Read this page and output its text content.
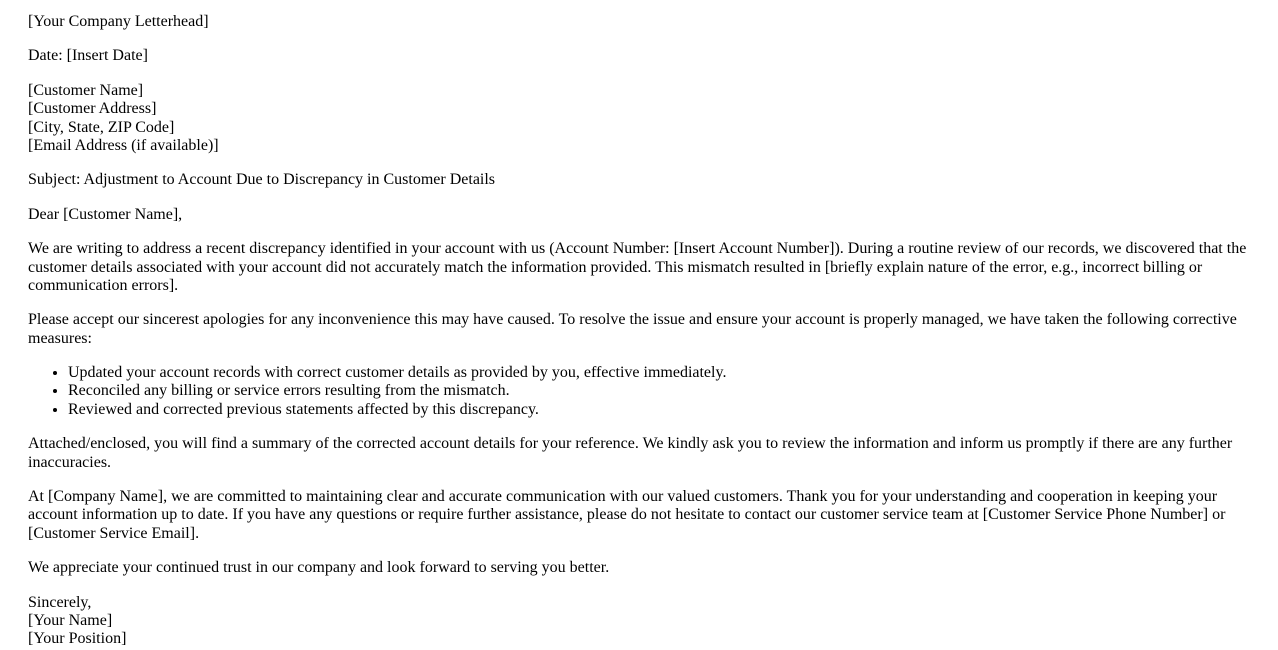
[Your Company Letterhead]

Date: [Insert Date]

[Customer Name]
[Customer Address]
[City, State, ZIP Code]
[Email Address (if available)]

Subject: Adjustment to Account Due to Discrepancy in Customer Details

Dear [Customer Name],

We are writing to address a recent discrepancy identified in your account with us (Account Number: [Insert Account Number]). During a routine review of our records, we discovered that the customer details associated with your account did not accurately match the information provided. This mismatch resulted in [briefly explain nature of the error, e.g., incorrect billing or communication errors].

Please accept our sincerest apologies for any inconvenience this may have caused. To resolve the issue and ensure your account is properly managed, we have taken the following corrective measures:

• Updated your account records with correct customer details as provided by you, effective immediately.
• Reconciled any billing or service errors resulting from the mismatch.
• Reviewed and corrected previous statements affected by this discrepancy.

Attached/enclosed, you will find a summary of the corrected account details for your reference. We kindly ask you to review the information and inform us promptly if there are any further inaccuracies.

At [Company Name], we are committed to maintaining clear and accurate communication with our valued customers. Thank you for your understanding and cooperation in keeping your account information up to date. If you have any questions or require further assistance, please do not hesitate to contact our customer service team at [Customer Service Phone Number] or [Customer Service Email].

We appreciate your continued trust in our company and look forward to serving you better.

Sincerely,
[Your Name]
[Your Position]
